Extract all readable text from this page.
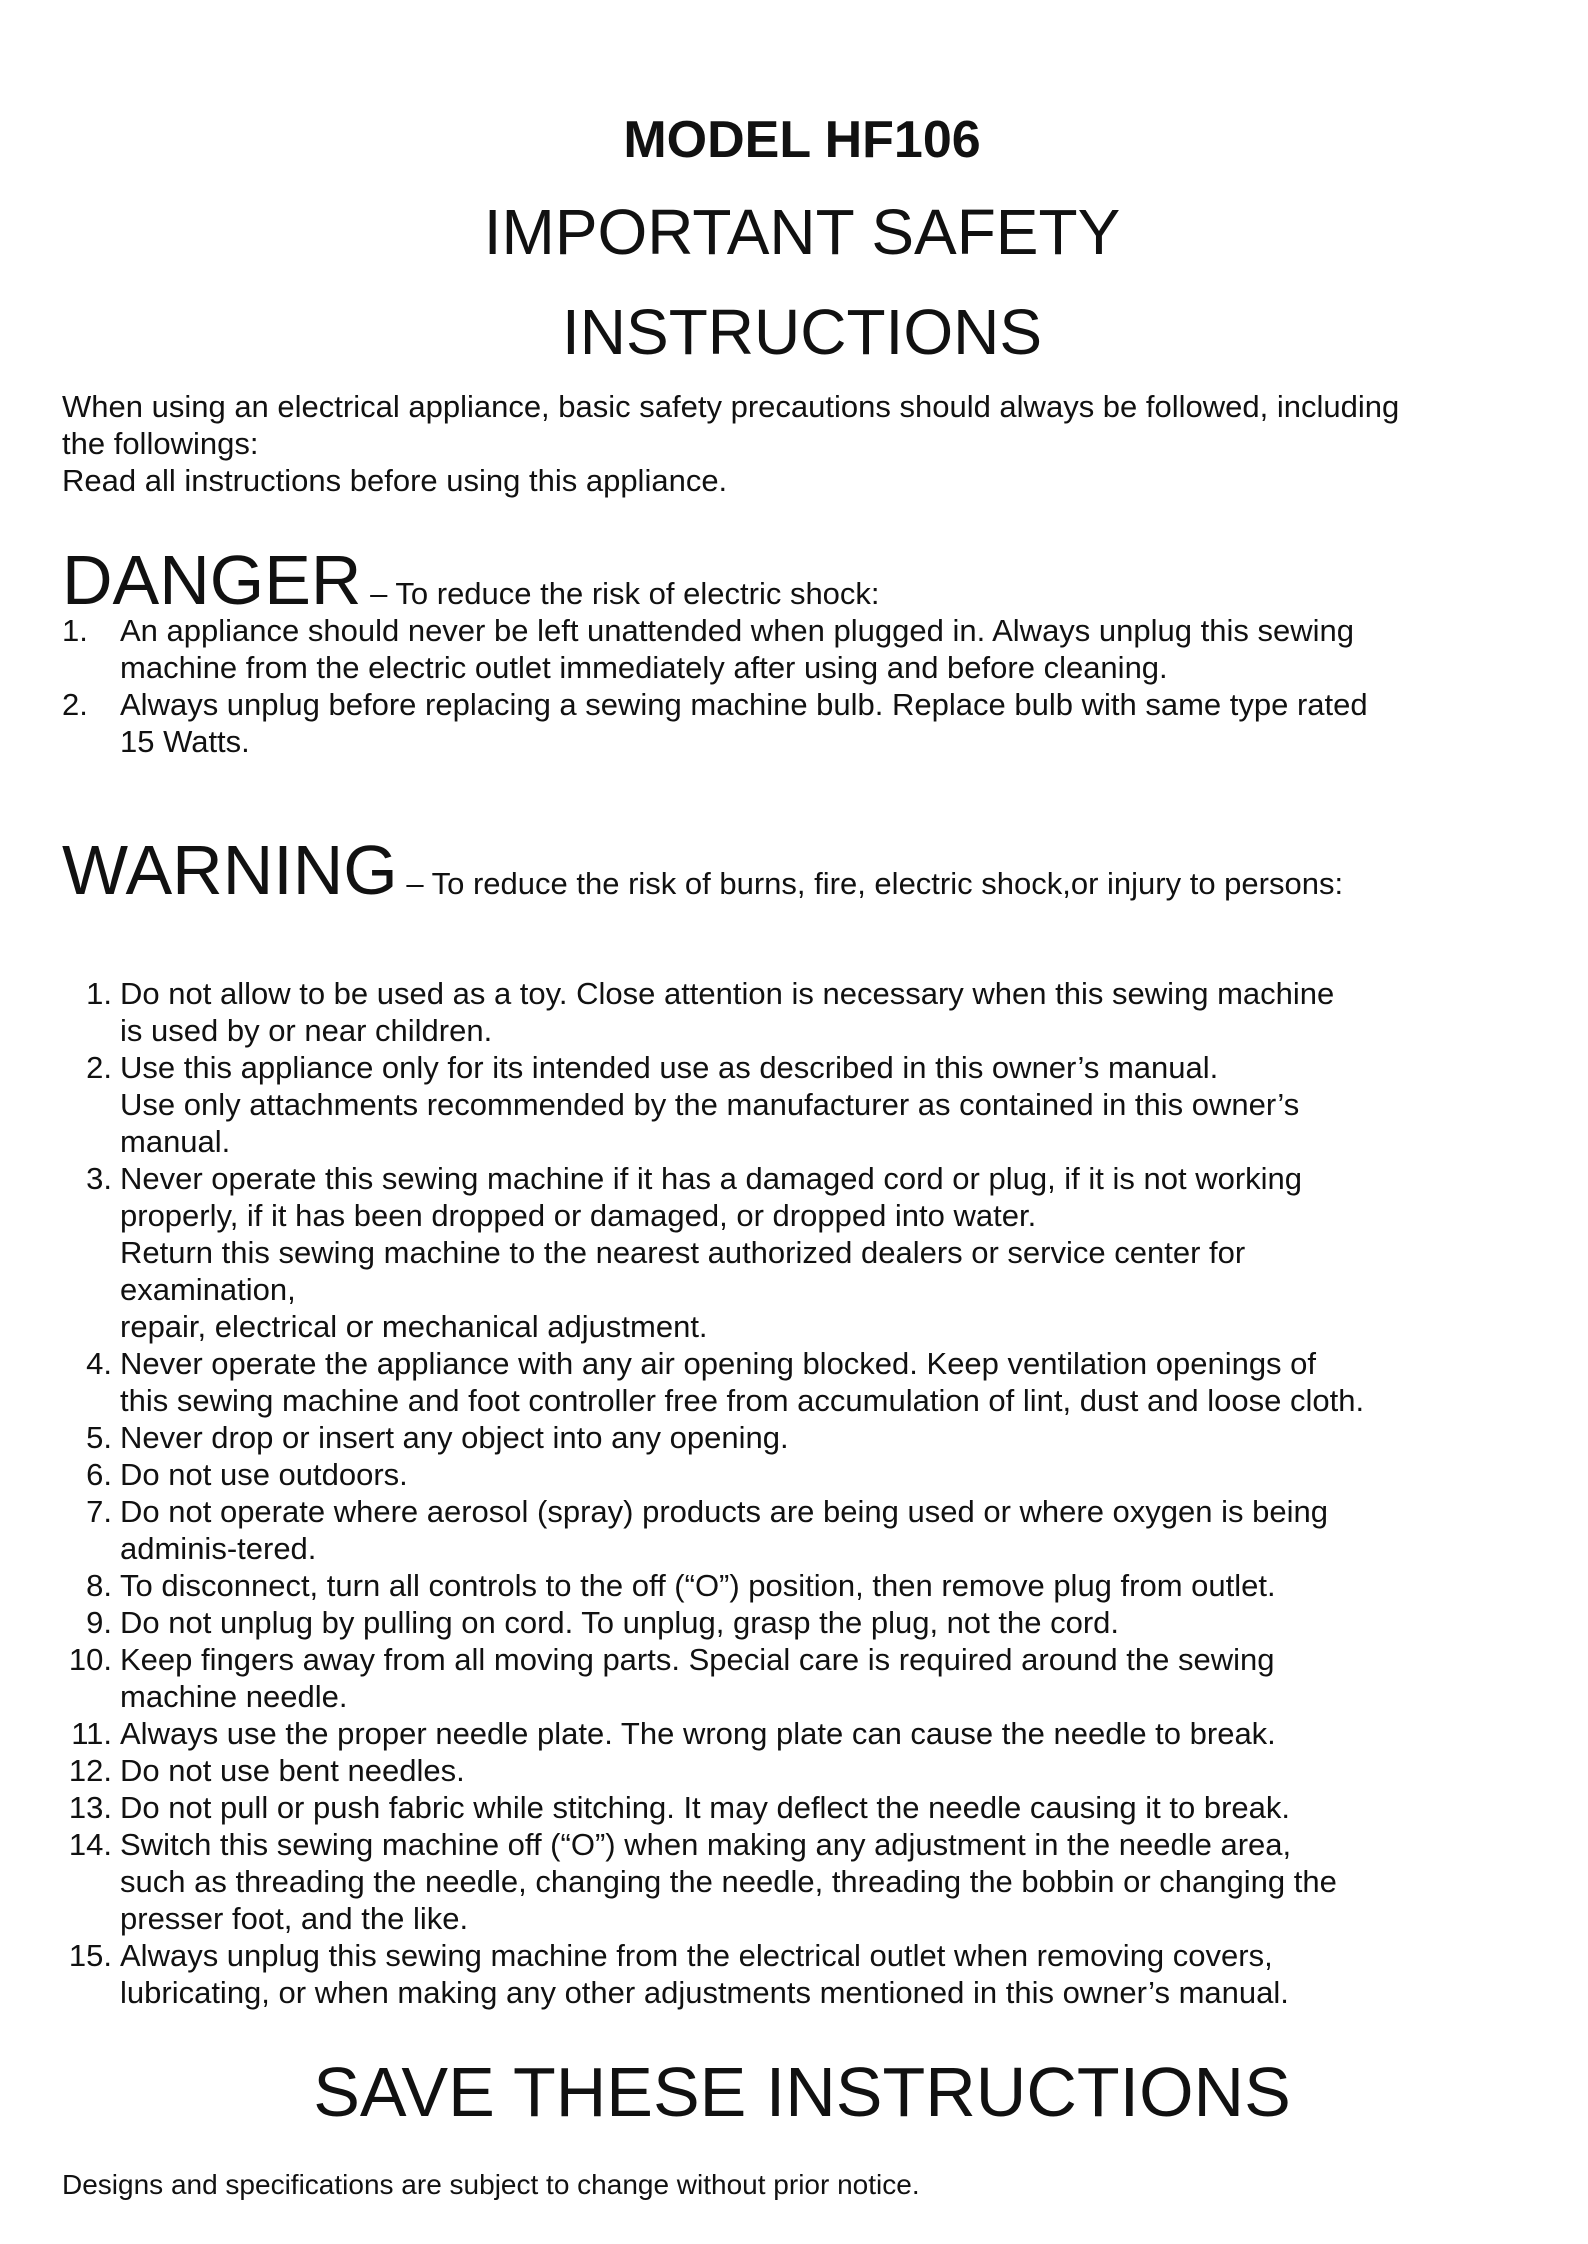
MODEL HF106
IMPORTANT SAFETY
INSTRUCTIONS
When using an electrical appliance, basic safety precautions should always be followed, including
the followings:
Read all instructions before using this appliance.
DANGER – To reduce the risk of electric shock:
1.	An appliance should never be left unattended when plugged in. Always unplug this sewing
machine from the electric outlet immediately after using and before cleaning.
2.	Always unplug before replacing a sewing machine bulb. Replace bulb with same type rated
15 Watts.
WARNING – To reduce the risk of burns, fire, electric shock,or injury to persons:
1. Do not allow to be used as a toy. Close attention is necessary when this sewing machine
is used by or near children.
2. Use this appliance only for its intended use as described in this owner’s manual.
Use only attachments recommended by the manufacturer as contained in this owner’s
manual.
3. Never operate this sewing machine if it has a damaged cord or plug, if it is not working
properly, if it has been dropped or damaged, or dropped into water.
Return this sewing machine to the nearest authorized dealers or service center for
examination,
repair, electrical or mechanical adjustment.
4. Never operate the appliance with any air opening blocked. Keep ventilation openings of
this sewing machine and foot controller free from accumulation of lint, dust and loose cloth.
5. Never drop or insert any object into any opening.
6. Do not use outdoors.
7. Do not operate where aerosol (spray) products are being used or where oxygen is being
adminis-tered.
8. To disconnect, turn all controls to the off (“O”) position, then remove plug from outlet.
9. Do not unplug by pulling on cord. To unplug, grasp the plug, not the cord.
10. Keep fingers away from all moving parts. Special care is required around the sewing
machine needle.
11. Always use the proper needle plate. The wrong plate can cause the needle to break.
12. Do not use bent needles.
13. Do not pull or push fabric while stitching. It may deflect the needle causing it to break.
14. Switch this sewing machine off (“O”) when making any adjustment in the needle area,
such as threading the needle, changing the needle, threading the bobbin or changing the
presser foot, and the like.
15. Always unplug this sewing machine from the electrical outlet when removing covers,
lubricating, or when making any other adjustments mentioned in this owner’s manual.
SAVE THESE INSTRUCTIONS
Designs and specifications are subject to change without prior notice.
